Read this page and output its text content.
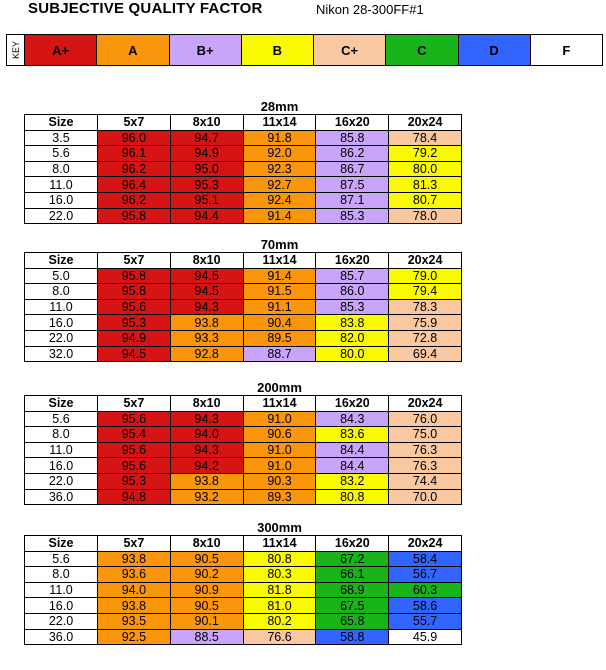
SUBJECTIVE QUALITY FACTOR	Nikon 28-300FF#1
KEY	A+	A	B+	B	C+	C	D	F
28mm
Size	5x7	8x10	11x14	16x20	20x24
3.5	96.0	94.7	91.8	85.8	78.4
5.6	96.1	94.9	92.0	86.2	79.2
8.0	96.2	95.0	92.3	86.7	80.0
11.0	96.4	95.3	92.7	87.5	81.3
16.0	96.2	95.1	92.4	87.1	80.7
22.0	95.8	94.4	91.4	85.3	78.0
70mm
Size	5x7	8x10	11x14	16x20	20x24
5.0	95.8	94.5	91.4	85.7	79.0
8.0	95.8	94.5	91.5	86.0	79.4
11.0	95.6	94.3	91.1	85.3	78.3
16.0	95.3	93.8	90.4	83.8	75.9
22.0	94.9	93.3	89.5	82.0	72.8
32.0	94.5	92.8	88.7	80.0	69.4
200mm
Size	5x7	8x10	11x14	16x20	20x24
5.6	95.6	94.3	91.0	84.3	76.0
8.0	95.4	94.0	90.6	83.6	75.0
11.0	95.6	94.3	91.0	84.4	76.3
16.0	95.6	94.2	91.0	84.4	76.3
22.0	95.3	93.8	90.3	83.2	74.4
36.0	94.8	93.2	89.3	80.8	70.0
300mm
Size	5x7	8x10	11x14	16x20	20x24
5.6	93.8	90.5	80.8	67.2	58.4
8.0	93.6	90.2	80.3	66.1	56.7
11.0	94.0	90.9	81.8	68.9	60.3
16.0	93.8	90.5	81.0	67.5	58.6
22.0	93.5	90.1	80.2	65.8	55.7
36.0	92.5	88.5	76.6	58.8	45.9
